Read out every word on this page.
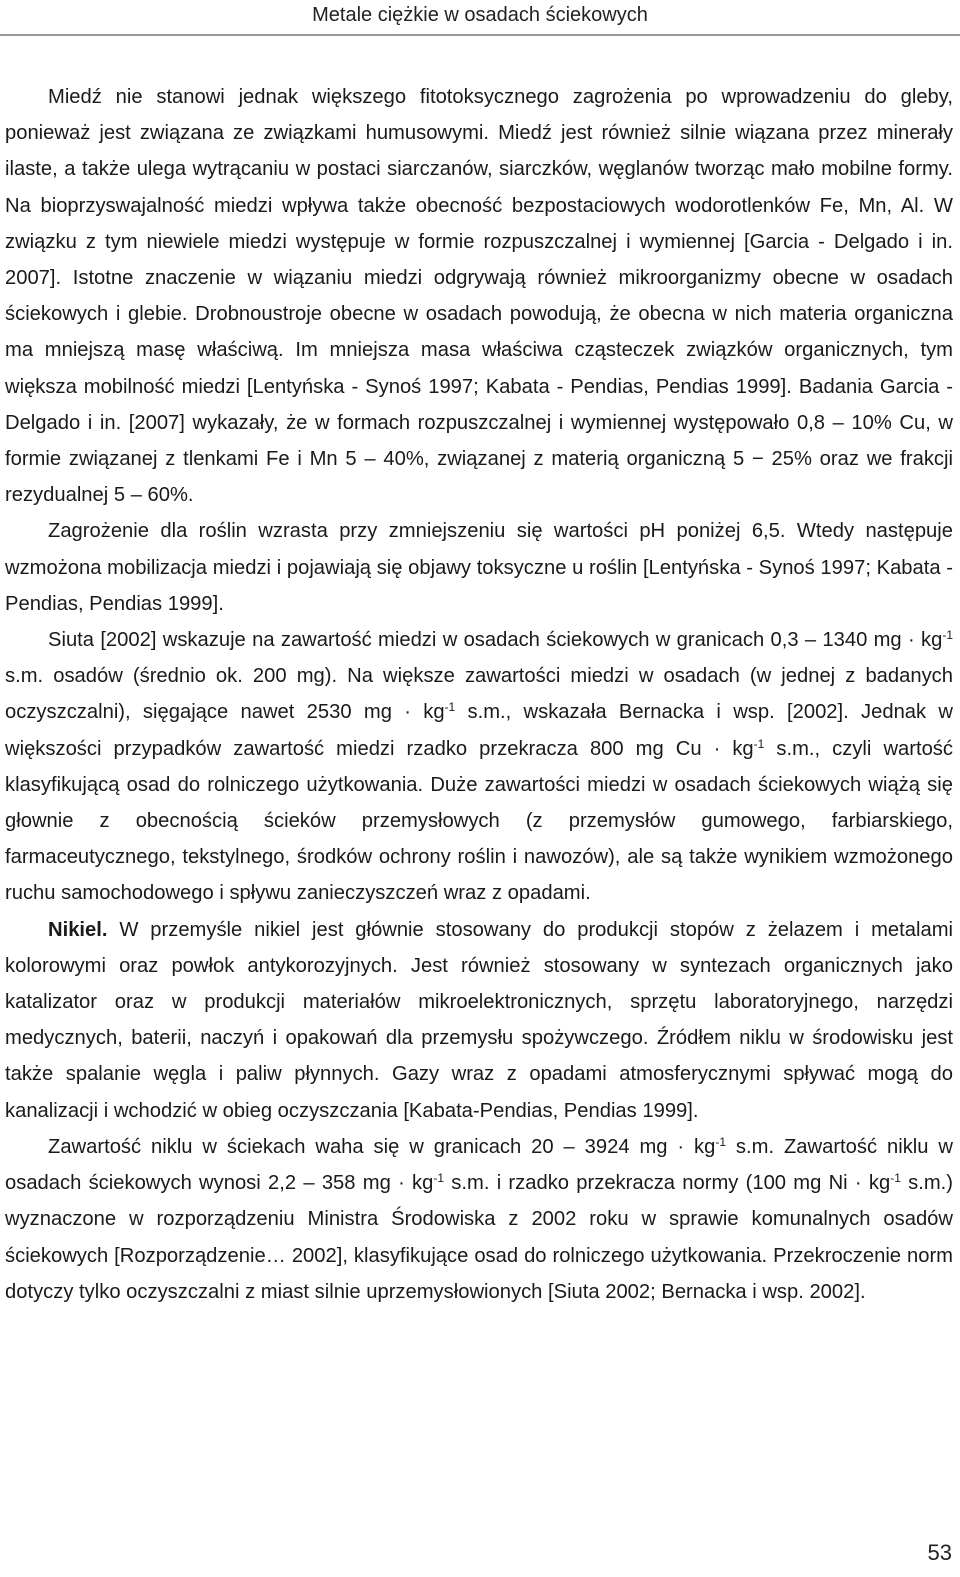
Metale ciężkie w osadach ściekowych

Miedź nie stanowi jednak większego fitotoksycznego zagrożenia po wprowadzeniu do gleby, ponieważ jest związana ze związkami humusowymi. Miedź jest również silnie wiązana przez minerały ilaste, a także ulega wytrącaniu w postaci siarczanów, siarczków, węglanów tworząc mało mobilne formy. Na bioprzyswajalność miedzi wpływa także obecność bezpostaciowych wodorotlenków Fe, Mn, Al. W związku z tym niewiele miedzi występuje w formie rozpuszczalnej i wymiennej [Garcia - Delgado i in. 2007]. Istotne znaczenie w wiązaniu miedzi odgrywają również mikroorganizmy obecne w osadach ściekowych i glebie. Drobnoustroje obecne w osadach powodują, że obecna w nich materia organiczna ma mniejszą masę właściwą. Im mniejsza masa właściwa cząsteczek związków organicznych, tym większa mobilność miedzi [Lentyńska - Synoś 1997; Kabata - Pendias, Pendias 1999]. Badania Garcia - Delgado i in. [2007] wykazały, że w formach rozpuszczalnej i wymiennej występowało 0,8 – 10% Cu, w formie związanej z tlenkami Fe i Mn 5 – 40%, związanej z materią organiczną 5 − 25% oraz we frakcji rezydualnej 5 – 60%.

Zagrożenie dla roślin wzrasta przy zmniejszeniu się wartości pH poniżej 6,5. Wtedy następuje wzmożona mobilizacja miedzi i pojawiają się objawy toksyczne u roślin [Lentyńska - Synoś 1997; Kabata - Pendias, Pendias 1999].

Siuta [2002] wskazuje na zawartość miedzi w osadach ściekowych w granicach 0,3 – 1340 mg · $kg^{-1}$ s.m. osadów (średnio ok. 200 mg). Na większe zawartości miedzi w osadach (w jednej z badanych oczyszczalni), sięgające nawet 2530 mg · $kg^{-1}$ s.m., wskazała Bernacka i wsp. [2002]. Jednak w większości przypadków zawartość miedzi rzadko przekracza 800 mg $Cu \cdot kg^{-1}$ s.m., czyli wartość klasyfikującą osad do rolniczego użytkowania. Duże zawartości miedzi w osadach ściekowych wiążą się głownie z obecnością ścieków przemysłowych (z przemysłów gumowego, farbiarskiego, farmaceutycznego, tekstylnego, środków ochrony roślin i nawozów), ale są także wynikiem wzmożonego ruchu samochodowego i spływu zanieczyszczeń wraz z opadami.

Nikiel. W przemyśle nikiel jest głównie stosowany do produkcji stopów z żelazem i metalami kolorowymi oraz powłok antykorozyjnych. Jest również stosowany w syntezach organicznych jako katalizator oraz w produkcji materiałów mikroelektronicznych, sprzętu laboratoryjnego, narzędzi medycznych, baterii, naczyń i opakowań dla przemysłu spożywczego. Źródłem niklu w środowisku jest także spalanie węgla i paliw płynnych. Gazy wraz z opadami atmosferycznymi spływać mogą do kanalizacji i wchodzić w obieg oczyszczania [Kabata-Pendias, Pendias 1999].

Zawartość niklu w ściekach waha się w granicach 20 – 3924 mg · $kg^{-1}$ s.m. Zawartość niklu w osadach ściekowych wynosi 2,2 – 358 mg · $kg^{-1}$ s.m. i rzadko przekracza normy (100 mg $Ni \cdot kg^{-1}$ s.m.) wyznaczone w rozporządzeniu Ministra Środowiska z 2002 roku w sprawie komunalnych osadów ściekowych [Rozporządzenie… 2002], klasyfikujące osad do rolniczego użytkowania. Przekroczenie norm dotyczy tylko oczyszczalni z miast silnie uprzemysłowionych [Siuta 2002; Bernacka i wsp. 2002].

53
